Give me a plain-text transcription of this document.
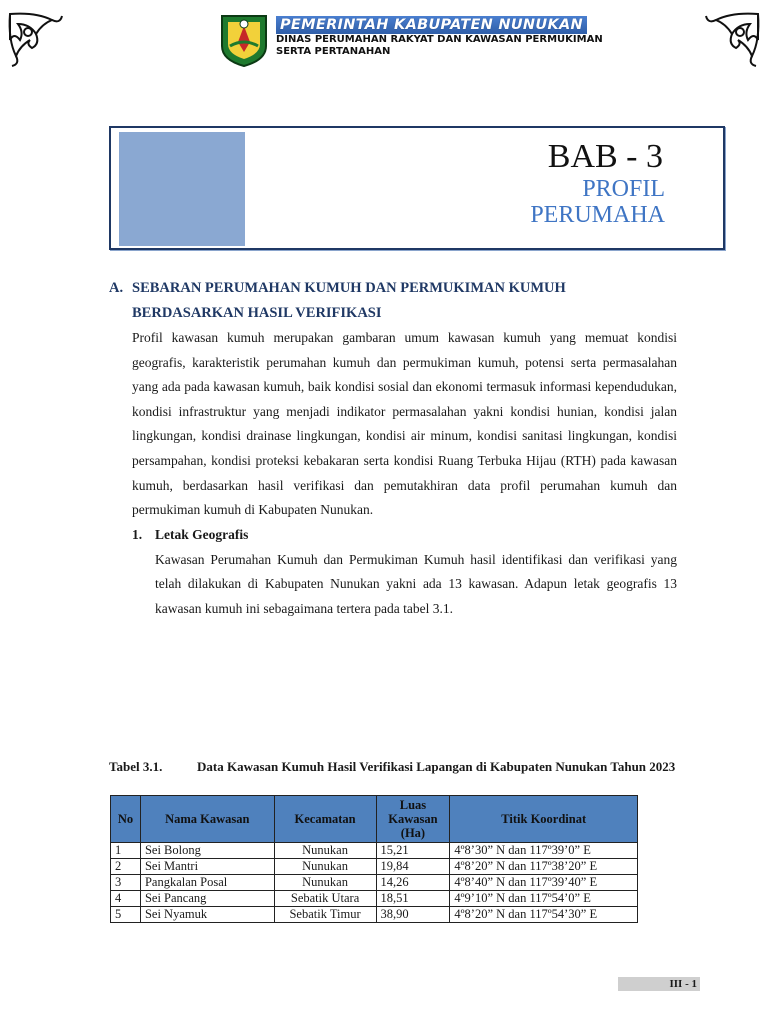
PEMERINTAH KABUPATEN NUNUKAN
DINAS PERUMAHAN RAKYAT DAN KAWASAN PERMUKIMAN
SERTA PERTANAHAN
BAB - 3
PROFIL
PERUMAHA
A. SEBARAN PERUMAHAN KUMUH DAN PERMUKIMAN KUMUH
BERDASARKAN HASIL VERIFIKASI

Profil kawasan kumuh merupakan gambaran umum kawasan kumuh yang memuat kondisi geografis, karakteristik perumahan kumuh dan permukiman kumuh, potensi serta permasalahan yang ada pada kawasan kumuh, baik kondisi sosial dan ekonomi termasuk informasi kependudukan, kondisi infrastruktur yang menjadi indikator permasalahan yakni kondisi hunian, kondisi jalan lingkungan, kondisi drainase lingkungan, kondisi air minum, kondisi sanitasi lingkungan, kondisi persampahan, kondisi proteksi kebakaran serta kondisi Ruang Terbuka Hijau (RTH) pada kawasan kumuh, berdasarkan hasil verifikasi dan pemutakhiran data profil perumahan kumuh dan permukiman kumuh di Kabupaten Nunukan.

1. Letak Geografis

Kawasan Perumahan Kumuh dan Permukiman Kumuh hasil identifikasi dan verifikasi yang telah dilakukan di Kabupaten Nunukan yakni ada 13 kawasan. Adapun letak geografis 13 kawasan kumuh ini sebagaimana tertera pada tabel 3.1.

Tabel 3.1.	Data Kawasan Kumuh Hasil Verifikasi Lapangan di Kabupaten Nunukan Tahun 2023
No	Nama Kawasan	Kecamatan	Luas Kawasan (Ha)	Titik Koordinat
1	Sei Bolong	Nunukan	15,21	4º8’30” N dan 117º39’0” E
2	Sei Mantri	Nunukan	19,84	4º8’20” N dan 117º38’20” E
3	Pangkalan Posal	Nunukan	14,26	4º8’40” N dan 117º39’40” E
4	Sei Pancang	Sebatik Utara	18,51	4º9’10” N dan 117º54’0” E
5	Sei Nyamuk	Sebatik Timur	38,90	4º8’20” N dan 117º54’30” E
III - 1
